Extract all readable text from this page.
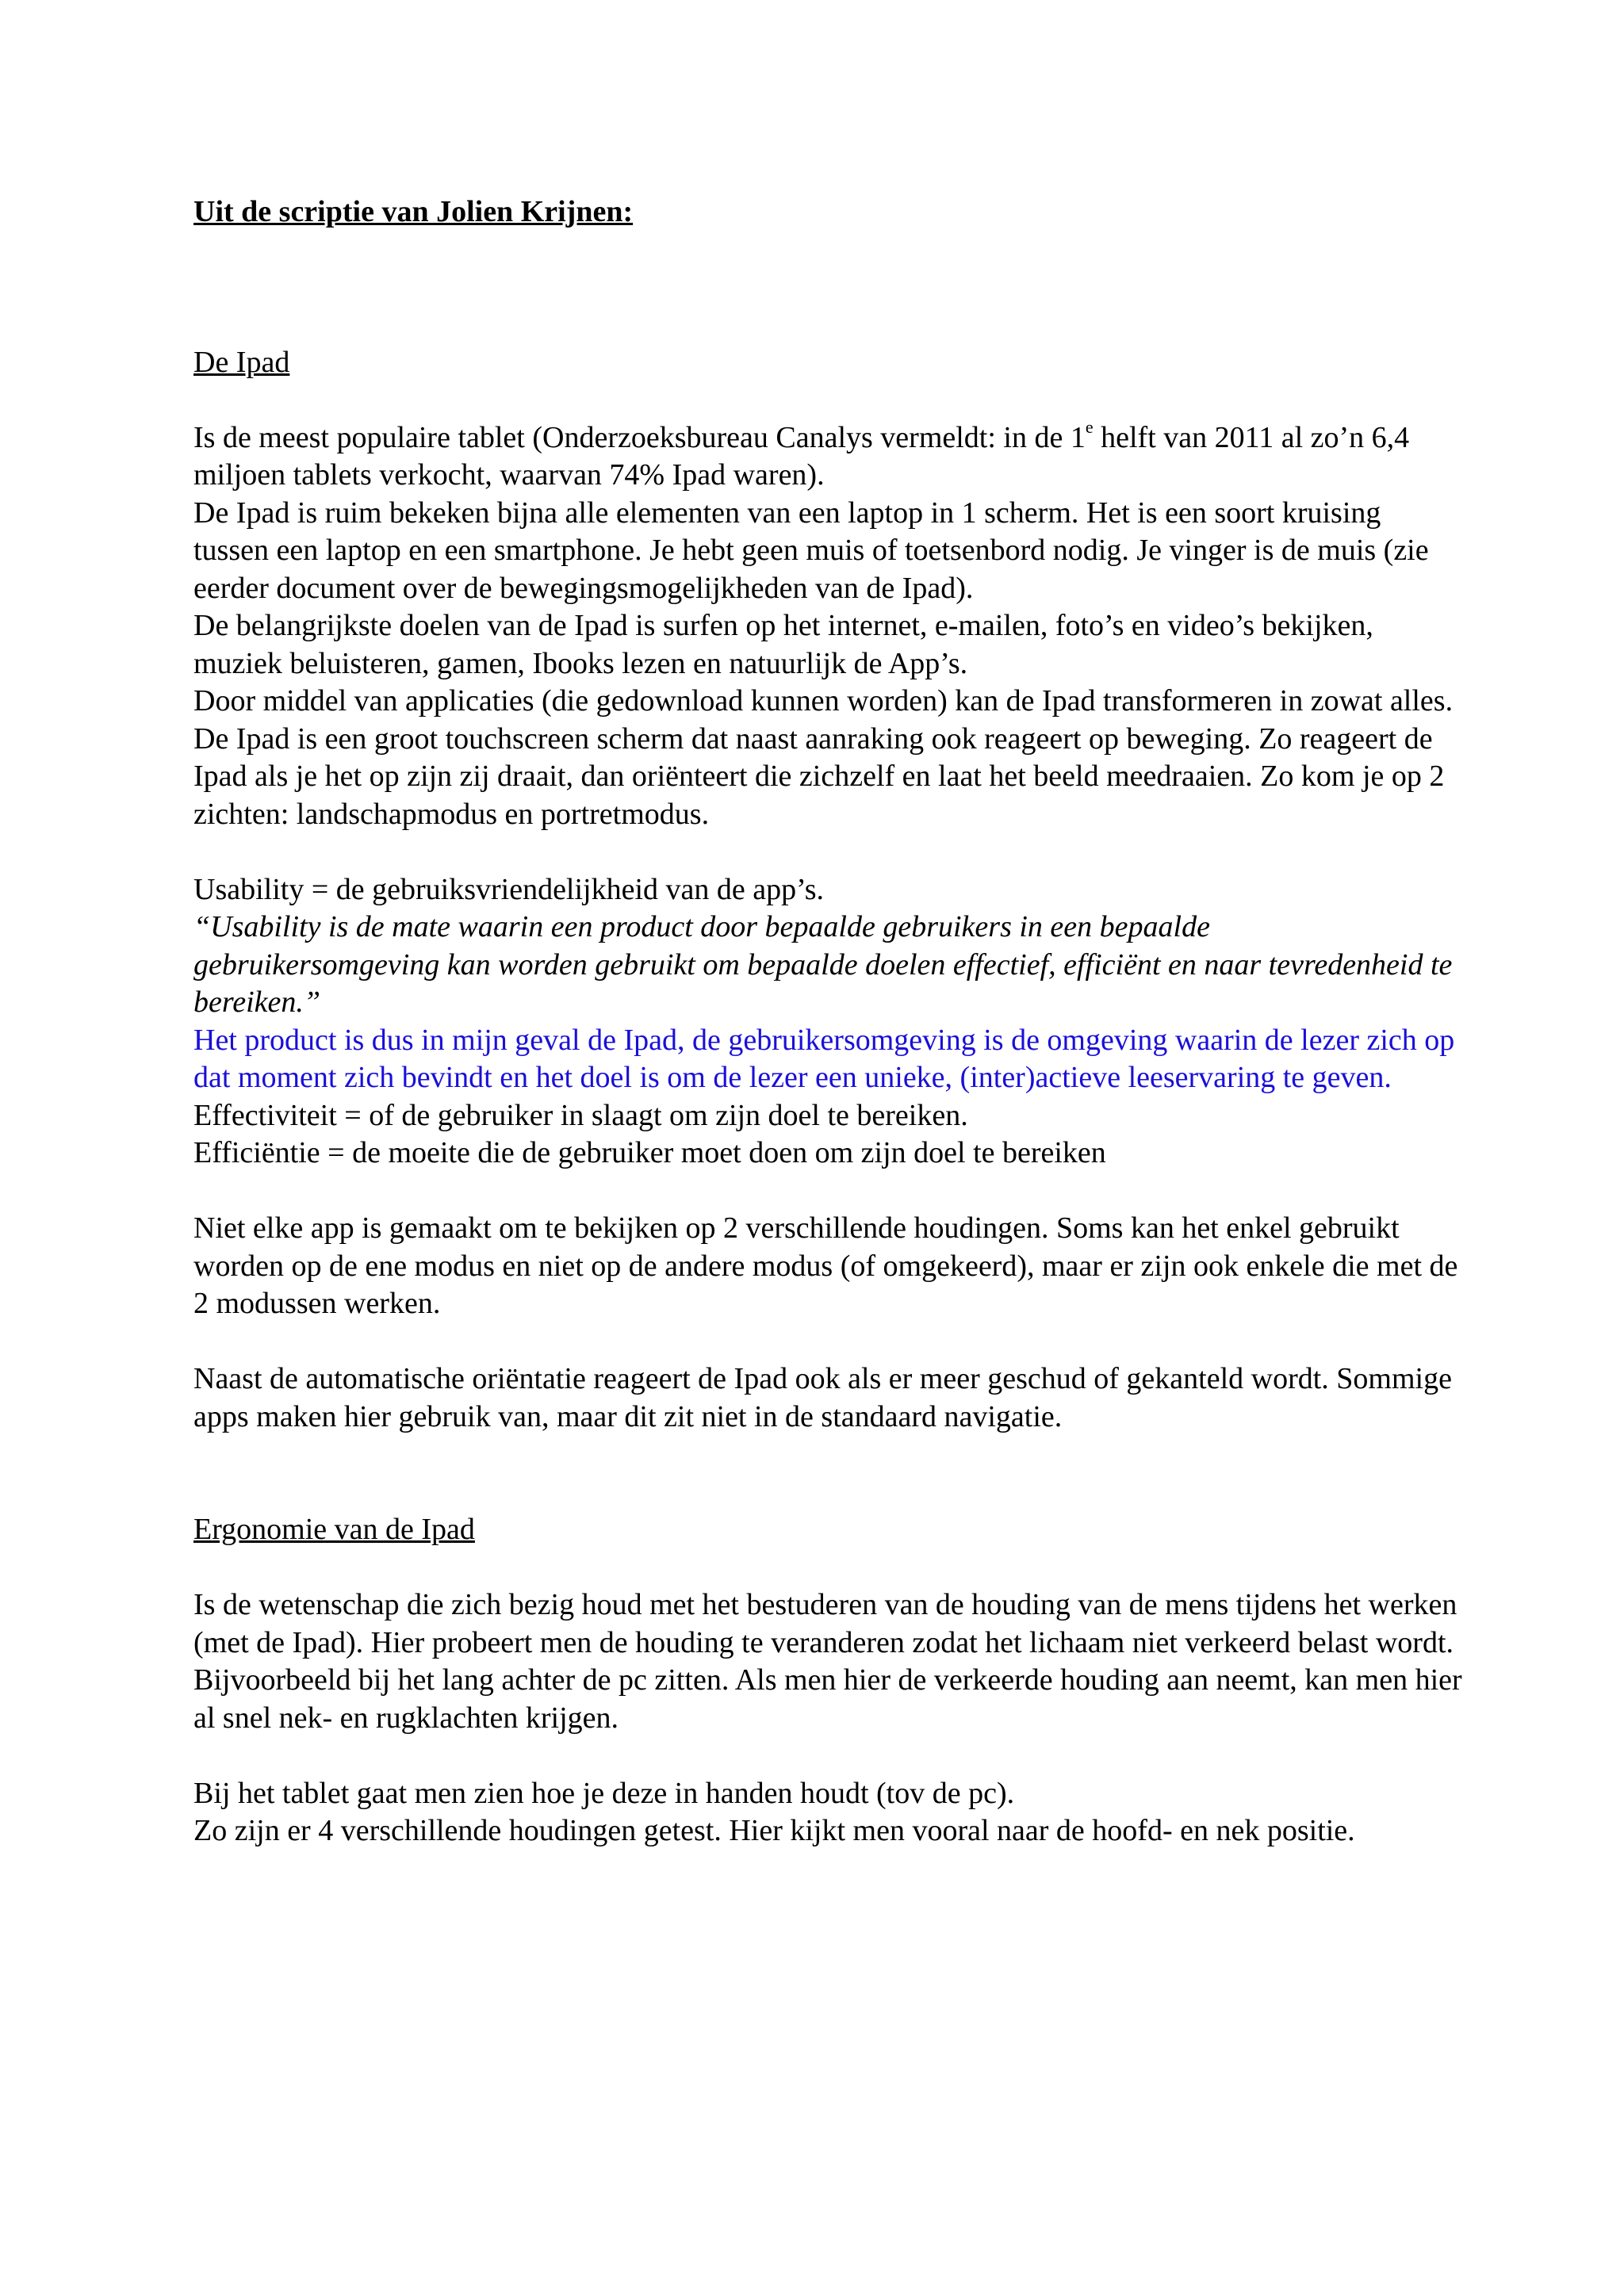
Uit de scriptie van Jolien Krijnen:

De Ipad

Is de meest populaire tablet (Onderzoeksbureau Canalys vermeldt: in de 1e helft van 2011 al zo’n 6,4 miljoen tablets verkocht, waarvan 74% Ipad waren).

De Ipad is ruim bekeken bijna alle elementen van een laptop in 1 scherm. Het is een soort kruising tussen een laptop en een smartphone. Je hebt geen muis of toetsenbord nodig. Je vinger is de muis (zie eerder document over de bewegingsmogelijkheden van de Ipad).

De belangrijkste doelen van de Ipad is surfen op het internet, e-mailen, foto’s en video’s bekijken, muziek beluisteren, gamen, Ibooks lezen en natuurlijk de App’s.

Door middel van applicaties (die gedownload kunnen worden) kan de Ipad transformeren in zowat alles.

De Ipad is een groot touchscreen scherm dat naast aanraking ook reageert op beweging. Zo reageert de Ipad als je het op zijn zij draait, dan oriënteert die zichzelf en laat het beeld meedraaien. Zo kom je op 2 zichten: landschapmodus en portretmodus.

Usability = de gebruiksvriendelijkheid van de app’s.

“Usability is de mate waarin een product door bepaalde gebruikers in een bepaalde gebruikersomgeving kan worden gebruikt om bepaalde doelen effectief, efficiënt en naar tevredenheid te bereiken.”

Het product is dus in mijn geval de Ipad, de gebruikersomgeving is de omgeving waarin de lezer zich op dat moment zich bevindt en het doel is om de lezer een unieke, (inter)actieve leeservaring te geven.

Effectiviteit = of de gebruiker in slaagt om zijn doel te bereiken.

Efficiëntie = de moeite die de gebruiker moet doen om zijn doel te bereiken

Niet elke app is gemaakt om te bekijken op 2 verschillende houdingen. Soms kan het enkel gebruikt worden op de ene modus en niet op de andere modus (of omgekeerd), maar er zijn ook enkele die met de 2 modussen werken.

Naast de automatische oriëntatie reageert de Ipad ook als er meer geschud of gekanteld wordt. Sommige apps maken hier gebruik van, maar dit zit niet in de standaard navigatie.

Ergonomie van de Ipad

Is de wetenschap die zich bezig houd met het bestuderen van de houding van de mens tijdens het werken (met de Ipad). Hier probeert men de houding te veranderen zodat het lichaam niet verkeerd belast wordt. Bijvoorbeeld bij het lang achter de pc zitten. Als men hier de verkeerde houding aan neemt, kan men hier al snel nek- en rugklachten krijgen.

Bij het tablet gaat men zien hoe je deze in handen houdt (tov de pc).

Zo zijn er 4 verschillende houdingen getest. Hier kijkt men vooral naar de hoofd- en nek positie.
